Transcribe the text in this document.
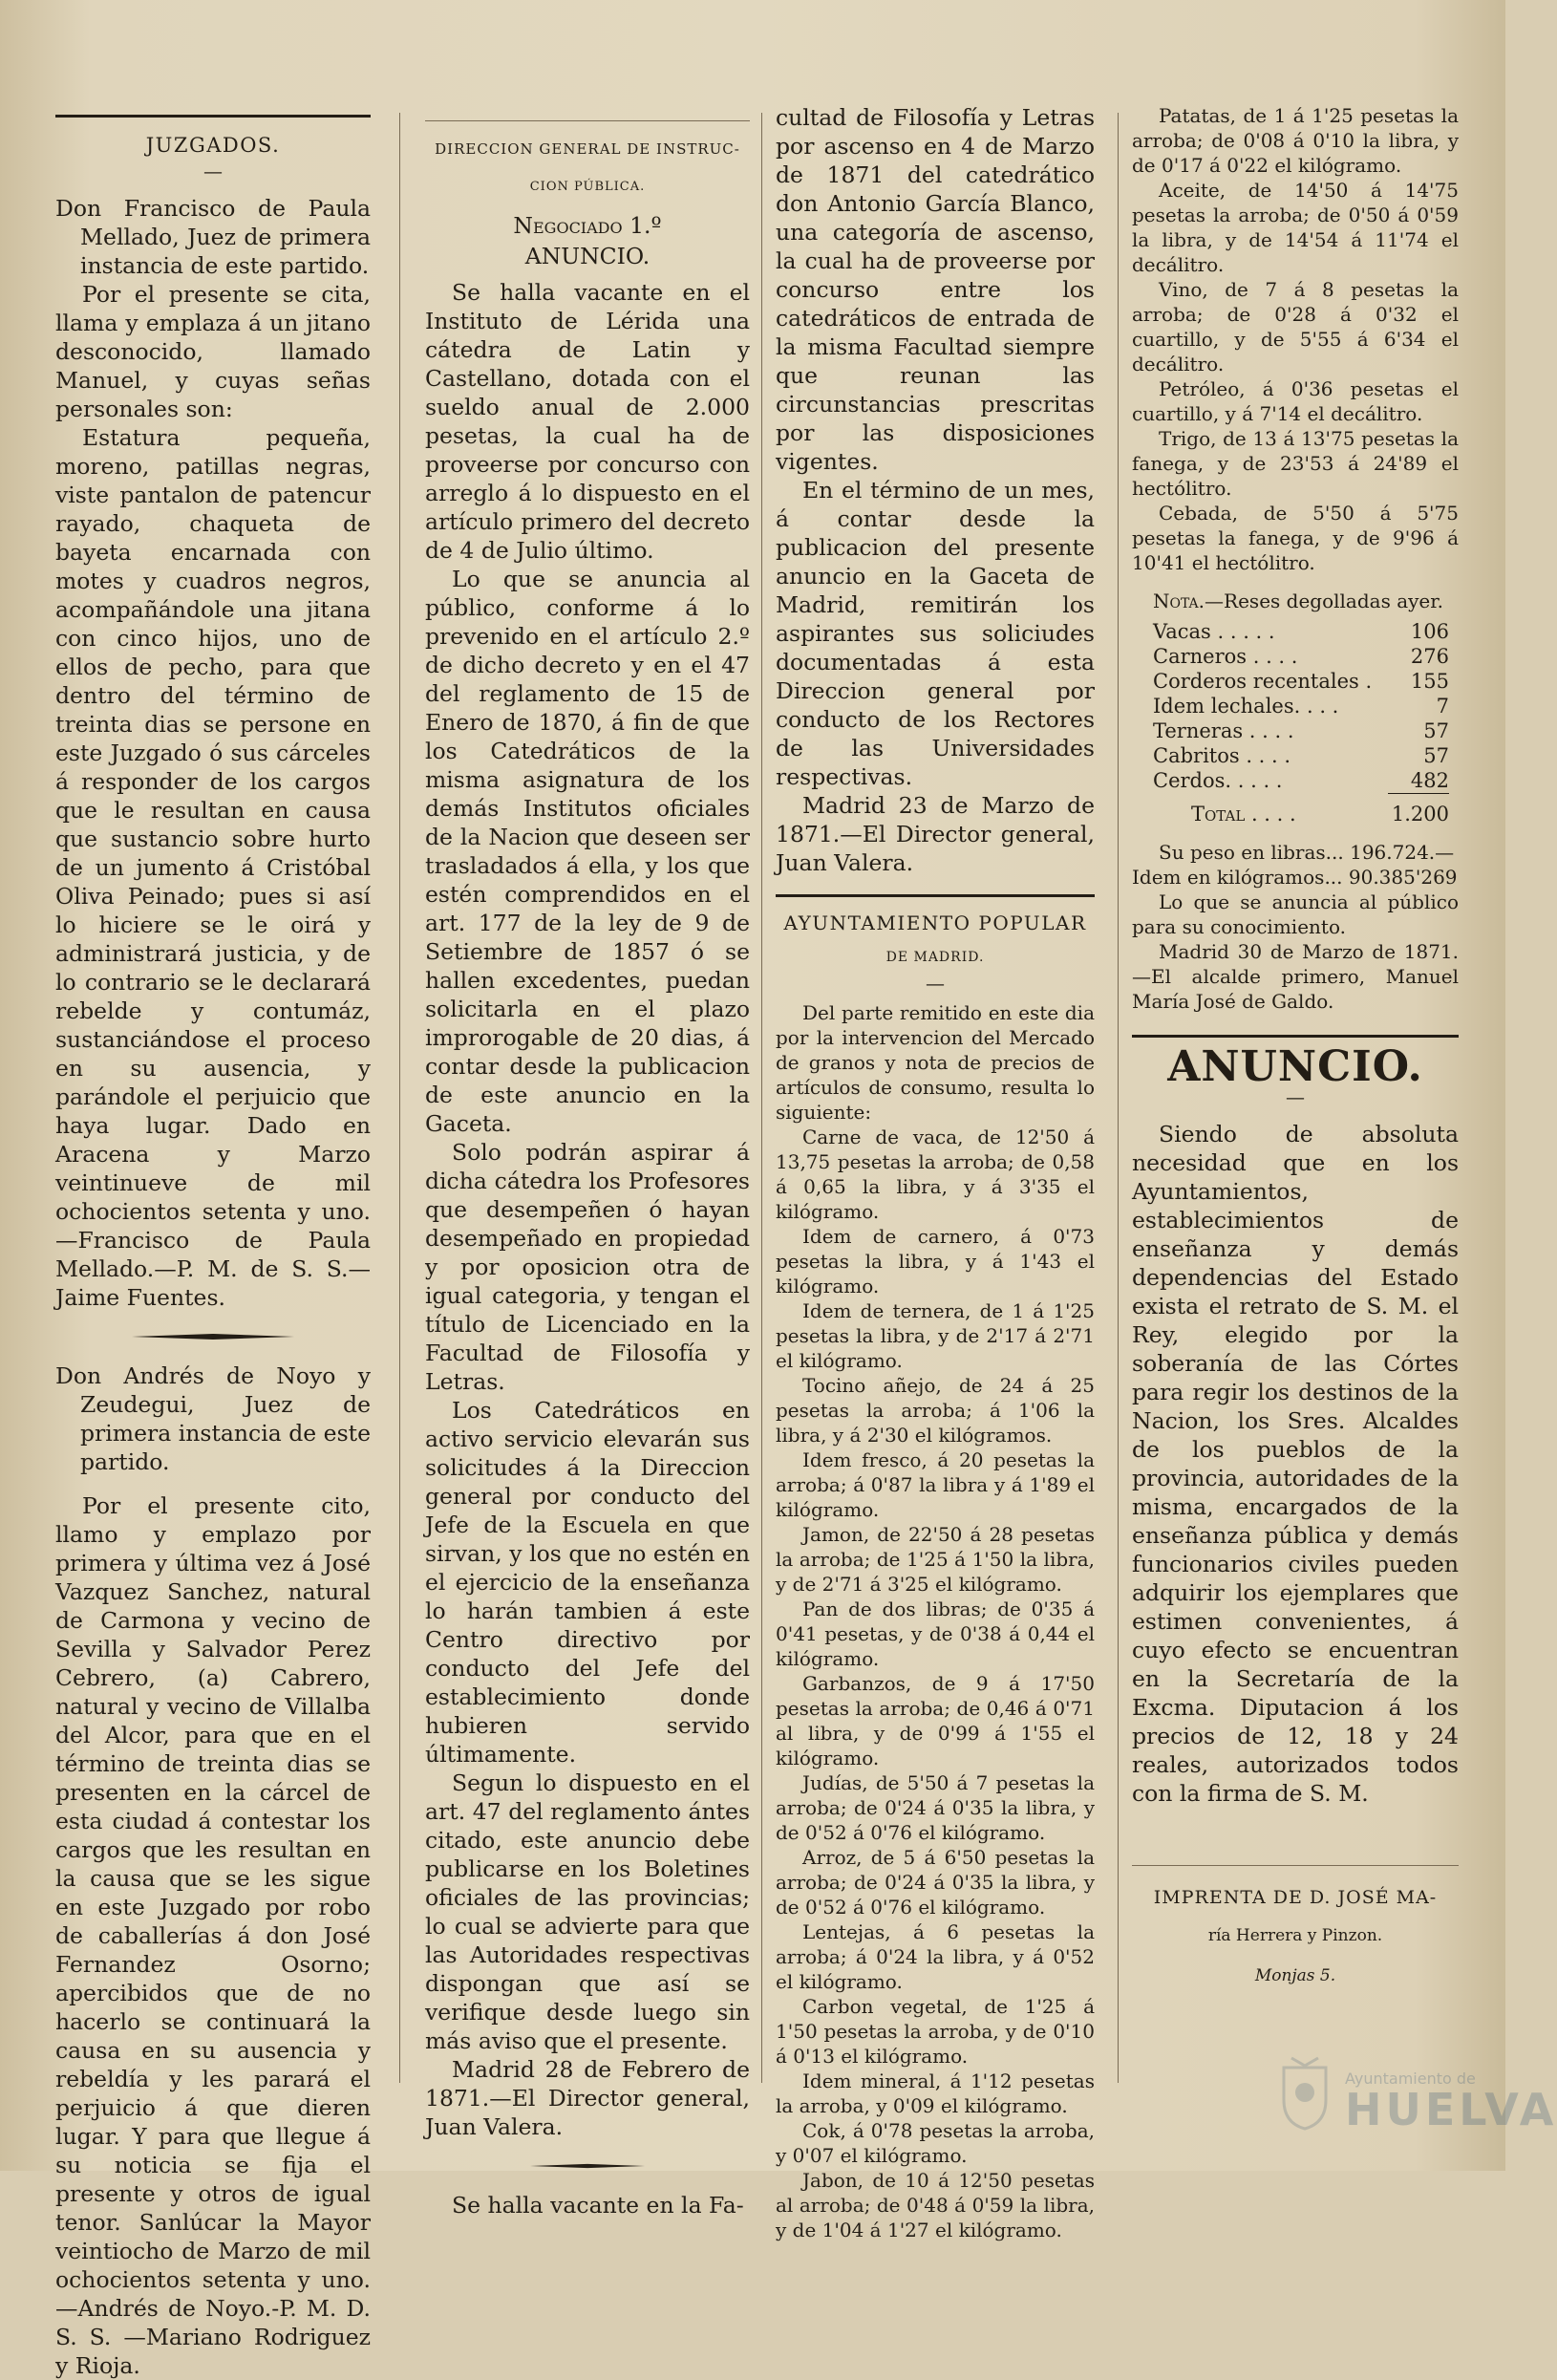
JUZGADOS.

—

Don Francisco de Paula Mellado, Juez de primera instancia de este partido.

Por el presente se cita, llama y emplaza á un jitano desconocido, llamado Manuel, y cuyas señas personales son:

Estatura pequeña, moreno, patillas negras, viste pantalon de patencur rayado, chaqueta de bayeta encarnada con motes y cuadros negros, acompañándole una jitana con cinco hijos, uno de ellos de pecho, para que dentro del término de treinta dias se persone en este Juzgado ó sus cárceles á responder de los cargos que le resultan en causa que sustancio sobre hurto de un jumento á Cristóbal Oliva Peinado; pues si así lo hiciere se le oirá y administrará justicia, y de lo contrario se le declarará rebelde y contumáz, sustanciándose el proceso en su ausencia, y parándole el perjuicio que haya lugar. Dado en Aracena y Marzo veintinueve de mil ochocientos setenta y uno.—Francisco de Paula Mellado.—P. M. de S. S.—Jaime Fuentes.

Don Andrés de Noyo y Zeudegui, Juez de primera instancia de este partido.

Por el presente cito, llamo y emplazo por primera y última vez á José Vazquez Sanchez, natural de Carmona y vecino de Sevilla y Salvador Perez Cebrero, (a) Cabrero, natural y vecino de Villalba del Alcor, para que en el término de treinta dias se presenten en la cárcel de esta ciudad á contestar los cargos que les resultan en la causa que se les sigue en este Juzgado por robo de caballerías á don José Fernandez Osorno; apercibidos que de no hacerlo se continuará la causa en su ausencia y rebeldía y les parará el perjuicio á que dieren lugar. Y para que llegue á su noticia se fija el presente y otros de igual tenor. Sanlúcar la Mayor veintiocho de Marzo de mil ochocientos setenta y uno.—Andrés de Noyo.-P. M. D. S. S. —Mariano Rodriguez y Rioja.

DIRECCION GENERAL DE INSTRUC-

CION PÚBLICA.

Negociado 1.º

ANUNCIO.

Se halla vacante en el Instituto de Lérida una cátedra de Latin y Castellano, dotada con el sueldo anual de 2.000 pesetas, la cual ha de proveerse por concurso con arreglo á lo dispuesto en el artículo primero del decreto de 4 de Julio último.

Lo que se anuncia al público, conforme á lo prevenido en el artículo 2.º de dicho decreto y en el 47 del reglamento de 15 de Enero de 1870, á fin de que los Catedráticos de la misma asignatura de los demás Institutos oficiales de la Nacion que deseen ser trasladados á ella, y los que estén comprendidos en el art. 177 de la ley de 9 de Setiembre de 1857 ó se hallen excedentes, puedan solicitarla en el plazo improrogable de 20 dias, á contar desde la publicacion de este anuncio en la Gaceta.

Solo podrán aspirar á dicha cátedra los Profesores que desempeñen ó hayan desempeñado en propiedad y por oposicion otra de igual categoria, y tengan el título de Licenciado en la Facultad de Filosofía y Letras.

Los Catedráticos en activo servicio elevarán sus solicitudes á la Direccion general por conducto del Jefe de la Escuela en que sirvan, y los que no estén en el ejercicio de la enseñanza lo harán tambien á este Centro directivo por conducto del Jefe del establecimiento donde hubieren servido últimamente.

Segun lo dispuesto en el art. 47 del reglamento ántes citado, este anuncio debe publicarse en los Boletines oficiales de las provincias; lo cual se advierte para que las Autoridades respectivas dispongan que así se verifique desde luego sin más aviso que el presente.

Madrid 28 de Febrero de 1871.—El Director general, Juan Valera.

Se halla vacante en la Fa-

cultad de Filosofía y Letras por ascenso en 4 de Marzo de 1871 del catedrático don Antonio García Blanco, una categoría de ascenso, la cual ha de proveerse por concurso entre los catedráticos de entrada de la misma Facultad siempre que reunan las circunstancias prescritas por las disposiciones vigentes.

En el término de un mes, á contar desde la publicacion del presente anuncio en la Gaceta de Madrid, remitirán los aspirantes sus soliciudes documentadas á esta Direccion general por conducto de los Rectores de las Universidades respectivas.

Madrid 23 de Marzo de 1871.—El Director general, Juan Valera.

AYUNTAMIENTO POPULAR

DE MADRID.

—

Del parte remitido en este dia por la intervencion del Mercado de granos y nota de precios de artículos de consumo, resulta lo siguiente:

Carne de vaca, de 12'50 á 13,75 pesetas la arroba; de 0,58 á 0,65 la libra, y á 3'35 el kilógramo.

Idem de carnero, á 0'73 pesetas la libra, y á 1'43 el kilógramo.

Idem de ternera, de 1 á 1'25 pesetas la libra, y de 2'17 á 2'71 el kilógramo.

Tocino añejo, de 24 á 25 pesetas la arroba; á 1'06 la libra, y á 2'30 el kilógramos.

Idem fresco, á 20 pesetas la arroba; á 0'87 la libra y á 1'89 el kilógramo.

Jamon, de 22'50 á 28 pesetas la arroba; de 1'25 á 1'50 la libra, y de 2'71 á 3'25 el kilógramo.

Pan de dos libras; de 0'35 á 0'41 pesetas, y de 0'38 á 0,44 el kilógramo.

Garbanzos, de 9 á 17'50 pesetas la arroba; de 0,46 á 0'71 al libra, y de 0'99 á 1'55 el kilógramo.

Judías, de 5'50 á 7 pesetas la arroba; de 0'24 á 0'35 la libra, y de 0'52 á 0'76 el kilógramo.

Arroz, de 5 á 6'50 pesetas la arroba; de 0'24 á 0'35 la libra, y de 0'52 á 0'76 el kilógramo.

Lentejas, á 6 pesetas la arroba; á 0'24 la libra, y á 0'52 el kilógramo.

Carbon vegetal, de 1'25 á 1'50 pesetas la arroba, y de 0'10 á 0'13 el kilógramo.

Idem mineral, á 1'12 pesetas la arroba, y 0'09 el kilógramo.

Cok, á 0'78 pesetas la arroba, y 0'07 el kilógramo.

Jabon, de 10 á 12'50 pesetas al arroba; de 0'48 á 0'59 la libra, y de 1'04 á 1'27 el kilógramo.

Patatas, de 1 á 1'25 pesetas la arroba; de 0'08 á 0'10 la libra, y de 0'17 á 0'22 el kilógramo.

Aceite, de 14'50 á 14'75 pesetas la arroba; de 0'50 á 0'59 la libra, y de 14'54 á 11'74 el decálitro.

Vino, de 7 á 8 pesetas la arroba; de 0'28 á 0'32 el cuartillo, y de 5'55 á 6'34 el decálitro.

Petróleo, á 0'36 pesetas el cuartillo, y á 7'14 el decálitro.

Trigo, de 13 á 13'75 pesetas la fanega, y de 23'53 á 24'89 el hectólitro.

Cebada, de 5'50 á 5'75 pesetas la fanega, y de 9'96 á 10'41 el hectólitro.

Nota.—Reses degolladas ayer.

Vacas . . . . .	106
Carneros . . . .	276
Corderos recentales .	155
Idem lechales. . . .	7
Terneras . . . .	57
Cabritos . . . .	57
Cerdos. . . . .	482
Total . . . .	1.200

Su peso en libras... 196.724.—

Idem en kilógramos... 90.385'269

Lo que se anuncia al público para su conocimiento.

Madrid 30 de Marzo de 1871.—El alcalde primero, Manuel María José de Galdo.

ANUNCIO.

—

Siendo de absoluta necesidad que en los Ayuntamientos, establecimientos de enseñanza y demás dependencias del Estado exista el retrato de S. M. el Rey, elegido por la soberanía de las Córtes para regir los destinos de la Nacion, los Sres. Alcaldes de los pueblos de la provincia, autoridades de la misma, encargados de la enseñanza pública y demás funcionarios civiles pueden adquirir los ejemplares que estimen convenientes, á cuyo efecto se encuentran en la Secretaría de la Excma. Diputacion á los precios de 12, 18 y 24 reales, autorizados todos con la firma de S. M.

IMPRENTA DE D. JOSÉ MA-

ría Herrera y Pinzon.

Monjas 5.

Ayuntamiento de
HUELVA
